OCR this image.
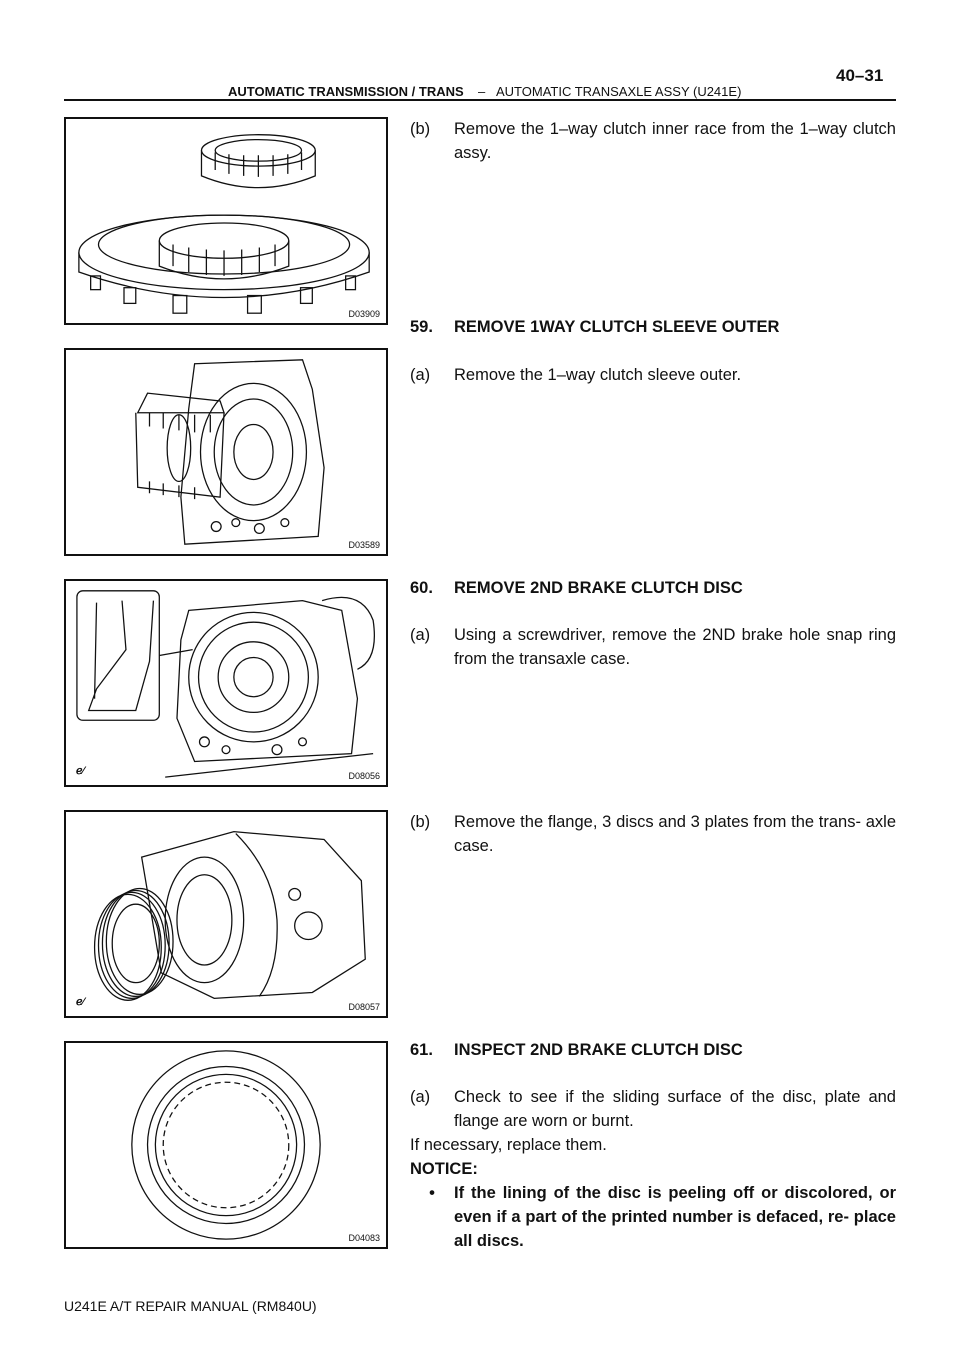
40–31
AUTOMATIC TRANSMISSION / TRANS – AUTOMATIC TRANSAXLE ASSY (U241E)
D03909
D03589
ℯ⁄	D08056
ℯ⁄	D08057
D04083
(b)	Remove the 1–way clutch inner race from the 1–way clutch assy.
59. REMOVE 1WAY CLUTCH SLEEVE OUTER
(a)	Remove the 1–way clutch sleeve outer.
60. REMOVE 2ND BRAKE CLUTCH DISC
(a)	Using a screwdriver, remove the 2ND brake hole snap ring from the transaxle case.
(b)	Remove the flange, 3 discs and 3 plates from the trans- axle case.
61. INSPECT 2ND BRAKE CLUTCH DISC
(a)	Check to see if the sliding surface of the disc, plate and flange are worn or burnt.
If necessary, replace them.
NOTICE:
•	If the lining of the disc is peeling off or discolored, or even if a part of the printed number is defaced, re- place all discs.
U241E A/T REPAIR MANUAL (RM840U)
